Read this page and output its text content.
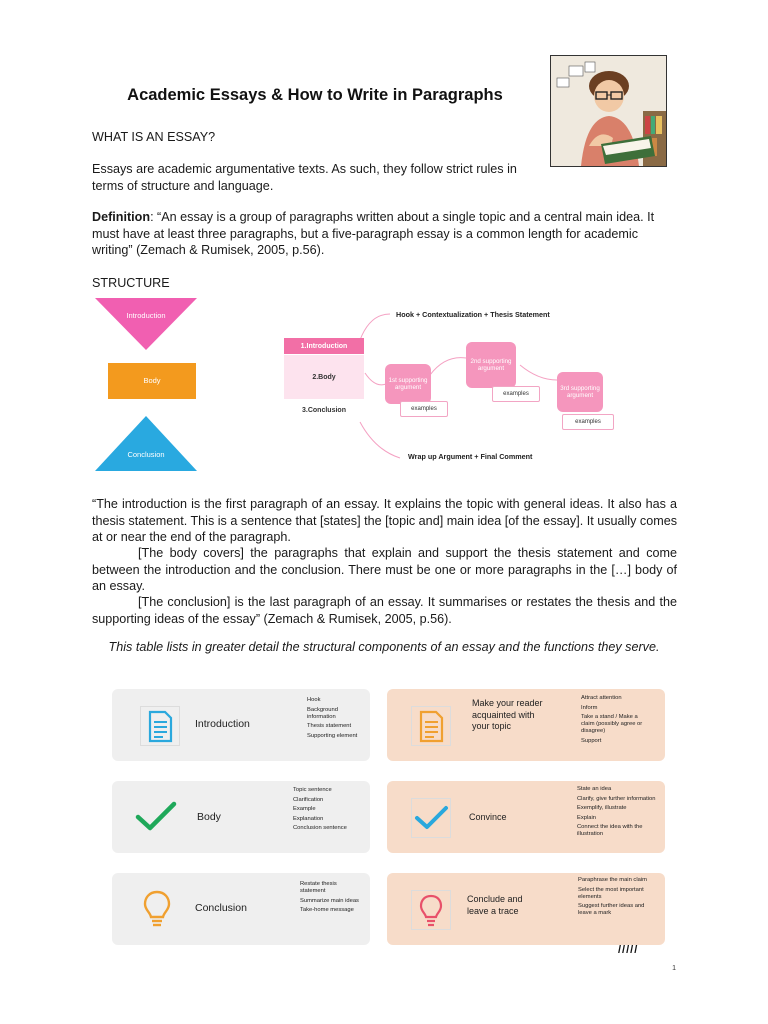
Academic Essays & How to Write in Paragraphs
WHAT IS AN ESSAY?
Essays are academic argumentative texts. As such, they follow strict rules in terms of structure and language.
Definition: “An essay is a group of paragraphs written about a single topic and a central main idea. It must have at least three paragraphs, but a five-paragraph essay is a common length for academic writing” (Zemach & Rumisek, 2005, p.56).
STRUCTURE
Introduction
Body
Conclusion
Hook + Contextualization + Thesis Statement
1.Introduction
2.Body
3.Conclusion
1st supporting argument
examples
2nd supporting argument
examples
3rd supporting argument
examples
Wrap up Argument + Final Comment
“The introduction is the first paragraph of an essay. It explains the topic with general ideas. It also has a thesis statement. This is a sentence that [states] the [topic and] main idea [of the essay]. It usually comes at or near the end of the paragraph.
[The body covers] the paragraphs that explain and support the thesis statement and come between the introduction and the conclusion. There must be one or more paragraphs in the […] body of an essay.
[The conclusion] is the last paragraph of an essay. It summarises or restates the thesis and the supporting ideas of the essay” (Zemach & Rumisek, 2005, p.56).
This table lists in greater detail the structural components of an essay and the functions they serve.
Introduction
Hook
Background information
Thesis statement
Supporting element
Make your reader acquainted with your topic
Attract attention
Inform
Take a stand / Make a claim (possibly agree or disagree)
Support
Body
Topic sentence
Clarification
Example
Explanation
Conclusion sentence
Convince
State an idea
Clarify, give further information
Exemplify, illustrate
Explain
Connect the idea with the illustration
Conclusion
Restate thesis statement
Summarize main ideas
Take-home message
Conclude and leave a trace
Paraphrase the main claim
Select the most important elements
Suggest further ideas and leave a mark
/////
1
